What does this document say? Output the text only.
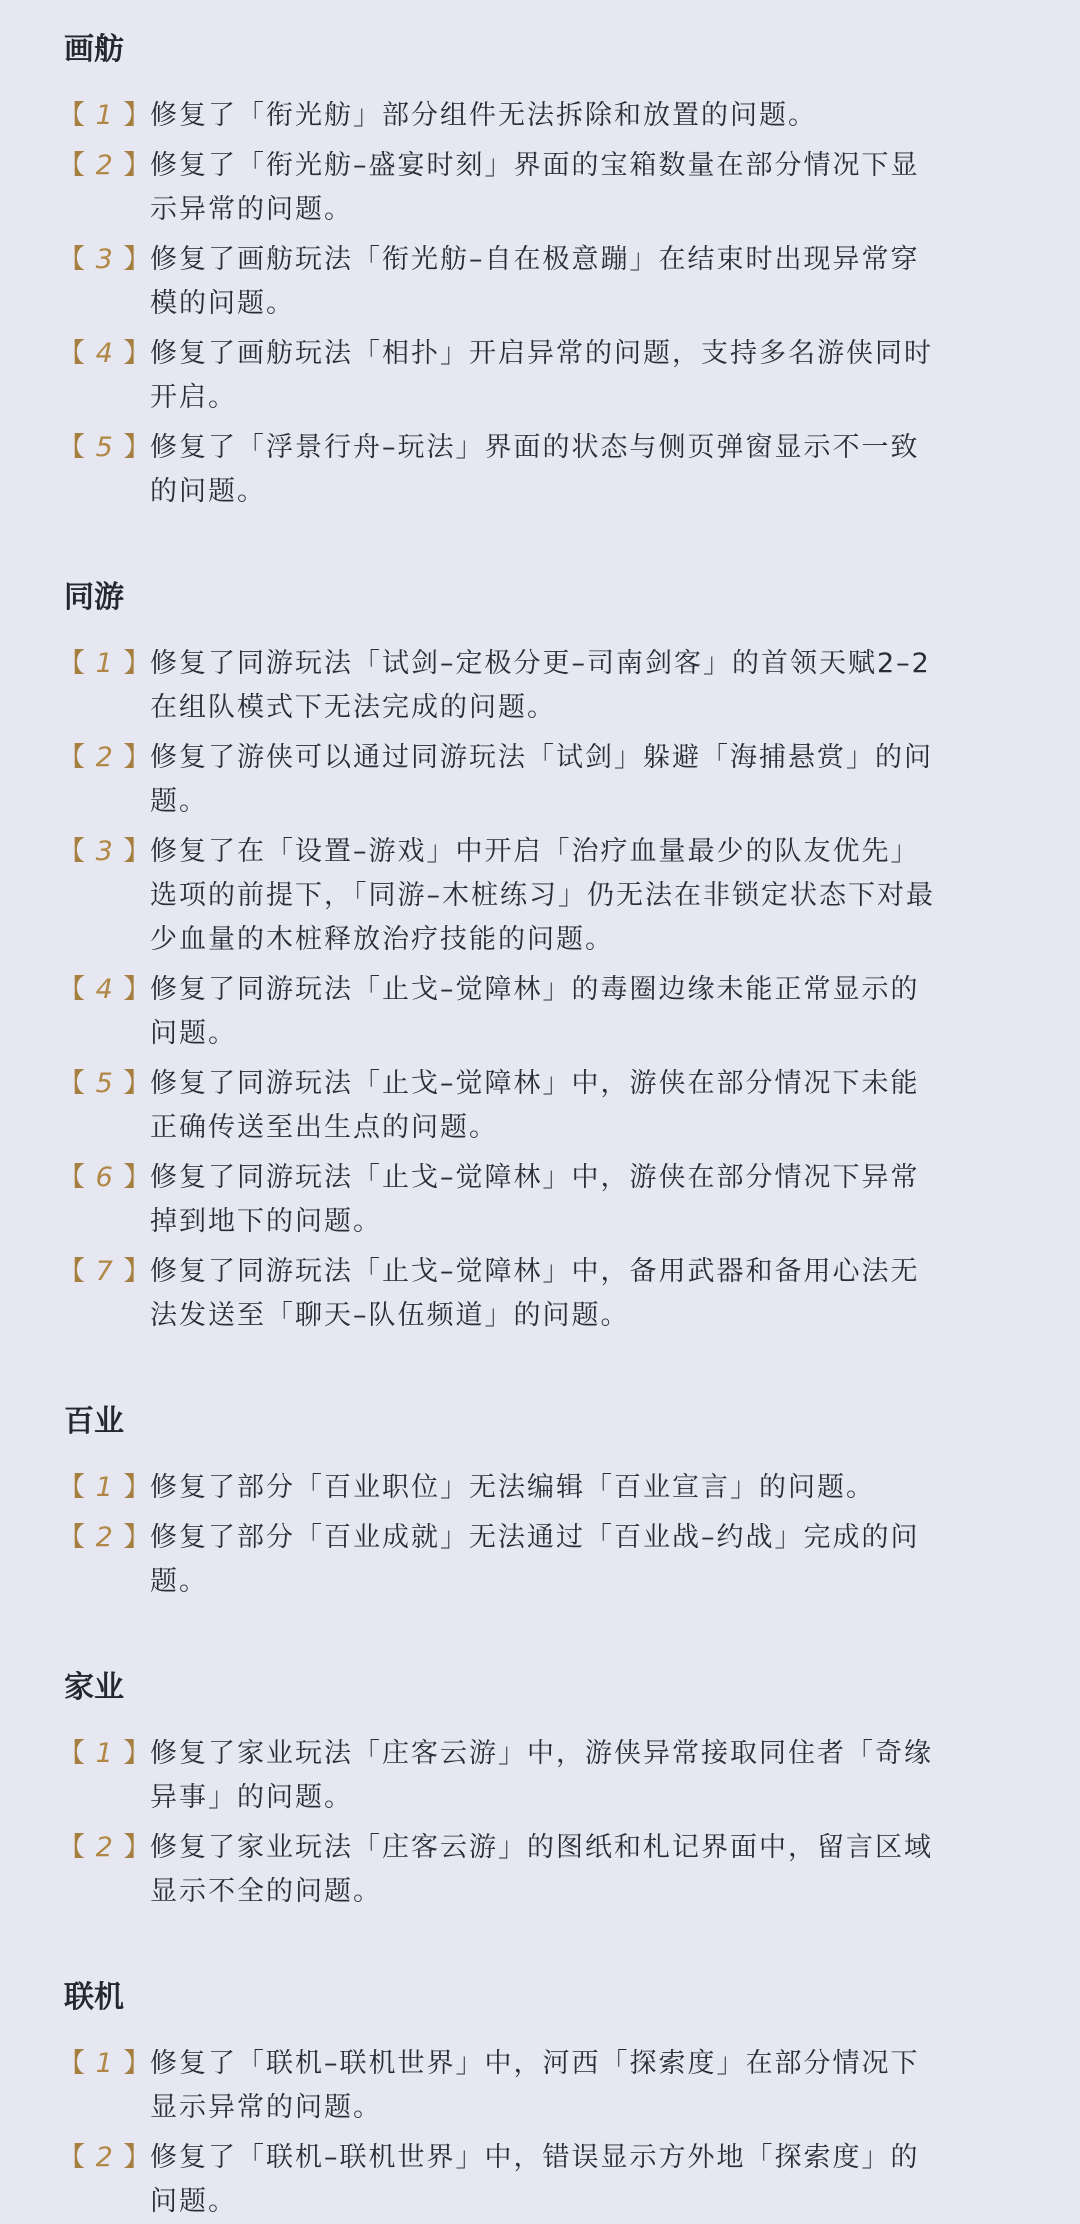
画舫
【 1 】
修复了「衔光舫」部分组件无法拆除和放置的问题。
【 2 】
修复了「衔光舫–盛宴时刻」界面的宝箱数量在部分情况下显示异常的问题。
【 3 】
修复了画舫玩法「衔光舫–自在极意蹦」在结束时出现异常穿模的问题。
【 4 】
修复了画舫玩法「相扑」开启异常的问题，支持多名游侠同时开启。
【 5 】
修复了「浮景行舟–玩法」界面的状态与侧页弹窗显示不一致的问题。
同游
【 1 】
修复了同游玩法「试剑–定极分更–司南剑客」的首领天赋2–2在组队模式下无法完成的问题。
【 2 】
修复了游侠可以通过同游玩法「试剑」躲避「海捕悬赏」的问题。
【 3 】
修复了在「设置–游戏」中开启「治疗血量最少的队友优先」选项的前提下，「同游–木桩练习」仍无法在非锁定状态下对最少血量的木桩释放治疗技能的问题。
【 4 】
修复了同游玩法「止戈–觉障林」的毒圈边缘未能正常显示的问题。
【 5 】
修复了同游玩法「止戈–觉障林」中，游侠在部分情况下未能正确传送至出生点的问题。
【 6 】
修复了同游玩法「止戈–觉障林」中，游侠在部分情况下异常掉到地下的问题。
【 7 】
修复了同游玩法「止戈–觉障林」中，备用武器和备用心法无法发送至「聊天–队伍频道」的问题。
百业
【 1 】
修复了部分「百业职位」无法编辑「百业宣言」的问题。
【 2 】
修复了部分「百业成就」无法通过「百业战–约战」完成的问题。
家业
【 1 】
修复了家业玩法「庄客云游」中，游侠异常接取同住者「奇缘异事」的问题。
【 2 】
修复了家业玩法「庄客云游」的图纸和札记界面中，留言区域显示不全的问题。
联机
【 1 】
修复了「联机–联机世界」中，河西「探索度」在部分情况下显示异常的问题。
【 2 】
修复了「联机–联机世界」中，错误显示方外地「探索度」的问题。
